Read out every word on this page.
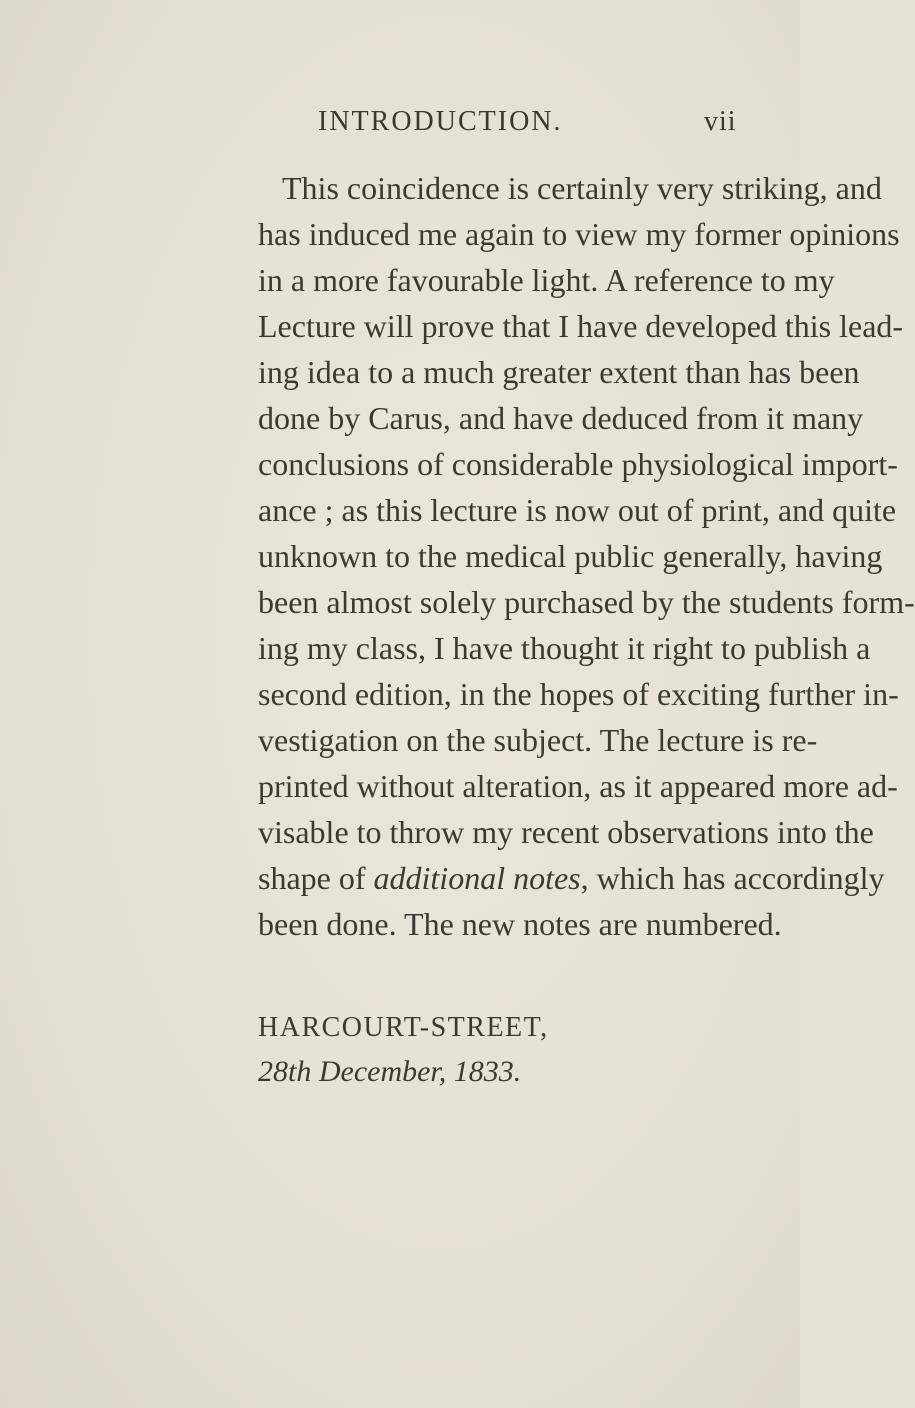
INTRODUCTION.	vii
This coincidence is certainly very striking, and
has induced me again to view my former opinions
in a more favourable light. A reference to my
Lecture will prove that I have developed this lead-
ing idea to a much greater extent than has been
done by Carus, and have deduced from it many
conclusions of considerable physiological import-
ance ; as this lecture is now out of print, and quite
unknown to the medical public generally, having
been almost solely purchased by the students form-
ing my class, I have thought it right to publish a
second edition, in the hopes of exciting further in-
vestigation on the subject. The lecture is re-
printed without alteration, as it appeared more ad-
visable to throw my recent observations into the
shape of additional notes, which has accordingly
been done. The new notes are numbered.
HARCOURT-STREET,
28th December, 1833.
